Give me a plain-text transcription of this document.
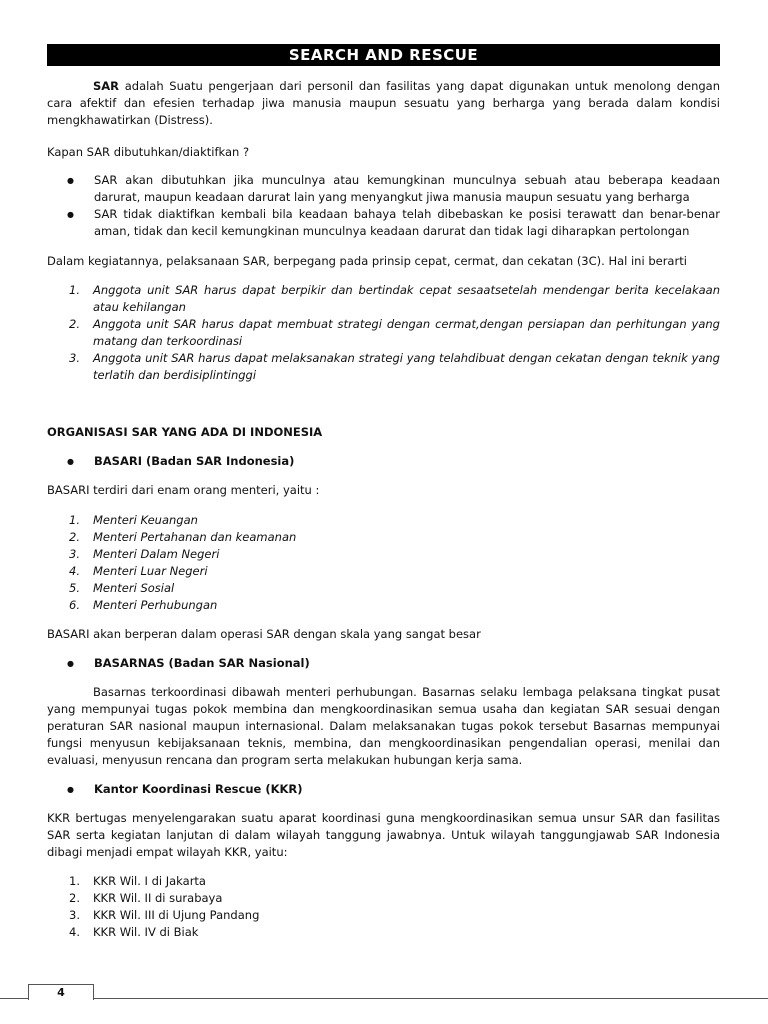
SEARCH AND RESCUE
SAR adalah Suatu pengerjaan dari personil dan fasilitas yang dapat digunakan untuk menolong dengan cara afektif dan efesien terhadap jiwa manusia maupun sesuatu yang berharga yang berada dalam kondisi mengkhawatirkan (Distress).
Kapan SAR dibutuhkan/diaktifkan ?
● SAR akan dibutuhkan jika munculnya atau kemungkinan munculnya sebuah atau beberapa keadaan darurat, maupun keadaan darurat lain yang menyangkut jiwa manusia maupun sesuatu yang berharga
● SAR tidak diaktifkan kembali bila keadaan bahaya telah dibebaskan ke posisi terawatt dan benar-benar aman, tidak dan kecil kemungkinan munculnya keadaan darurat dan tidak lagi diharapkan pertolongan
Dalam kegiatannya, pelaksanaan SAR, berpegang pada prinsip cepat, cermat, dan cekatan (3C). Hal ini berarti
1. Anggota unit SAR harus dapat berpikir dan bertindak cepat sesaatsetelah mendengar berita kecelakaan atau kehilangan
2. Anggota unit SAR harus dapat membuat strategi dengan cermat,dengan persiapan dan perhitungan yang matang dan terkoordinasi
3. Anggota unit SAR harus dapat melaksanakan strategi yang telahdibuat dengan cekatan dengan teknik yang terlatih dan berdisiplintinggi
ORGANISASI SAR YANG ADA DI INDONESIA
● BASARI (Badan SAR Indonesia)
BASARI terdiri dari enam orang menteri, yaitu :
1. Menteri Keuangan
2. Menteri Pertahanan dan keamanan
3. Menteri Dalam Negeri
4. Menteri Luar Negeri
5. Menteri Sosial
6. Menteri Perhubungan
BASARI akan berperan dalam operasi SAR dengan skala yang sangat besar
● BASARNAS (Badan SAR Nasional)
Basarnas terkoordinasi dibawah menteri perhubungan. Basarnas selaku lembaga pelaksana tingkat pusat yang mempunyai tugas pokok membina dan mengkoordinasikan semua usaha dan kegiatan SAR sesuai dengan peraturan SAR nasional maupun internasional. Dalam melaksanakan tugas pokok tersebut Basarnas mempunyai fungsi menyusun kebijaksanaan teknis, membina, dan mengkoordinasikan pengendalian operasi, menilai dan evaluasi, menyusun rencana dan program serta melakukan hubungan kerja sama.
● Kantor Koordinasi Rescue (KKR)
KKR bertugas menyelengarakan suatu aparat koordinasi guna mengkoordinasikan semua unsur SAR dan fasilitas SAR serta kegiatan lanjutan di dalam wilayah tanggung jawabnya. Untuk wilayah tanggungjawab SAR Indonesia dibagi menjadi empat wilayah KKR, yaitu:
1. KKR Wil. I di Jakarta
2. KKR Wil. II di surabaya
3. KKR Wil. III di Ujung Pandang
4. KKR Wil. IV di Biak
4
